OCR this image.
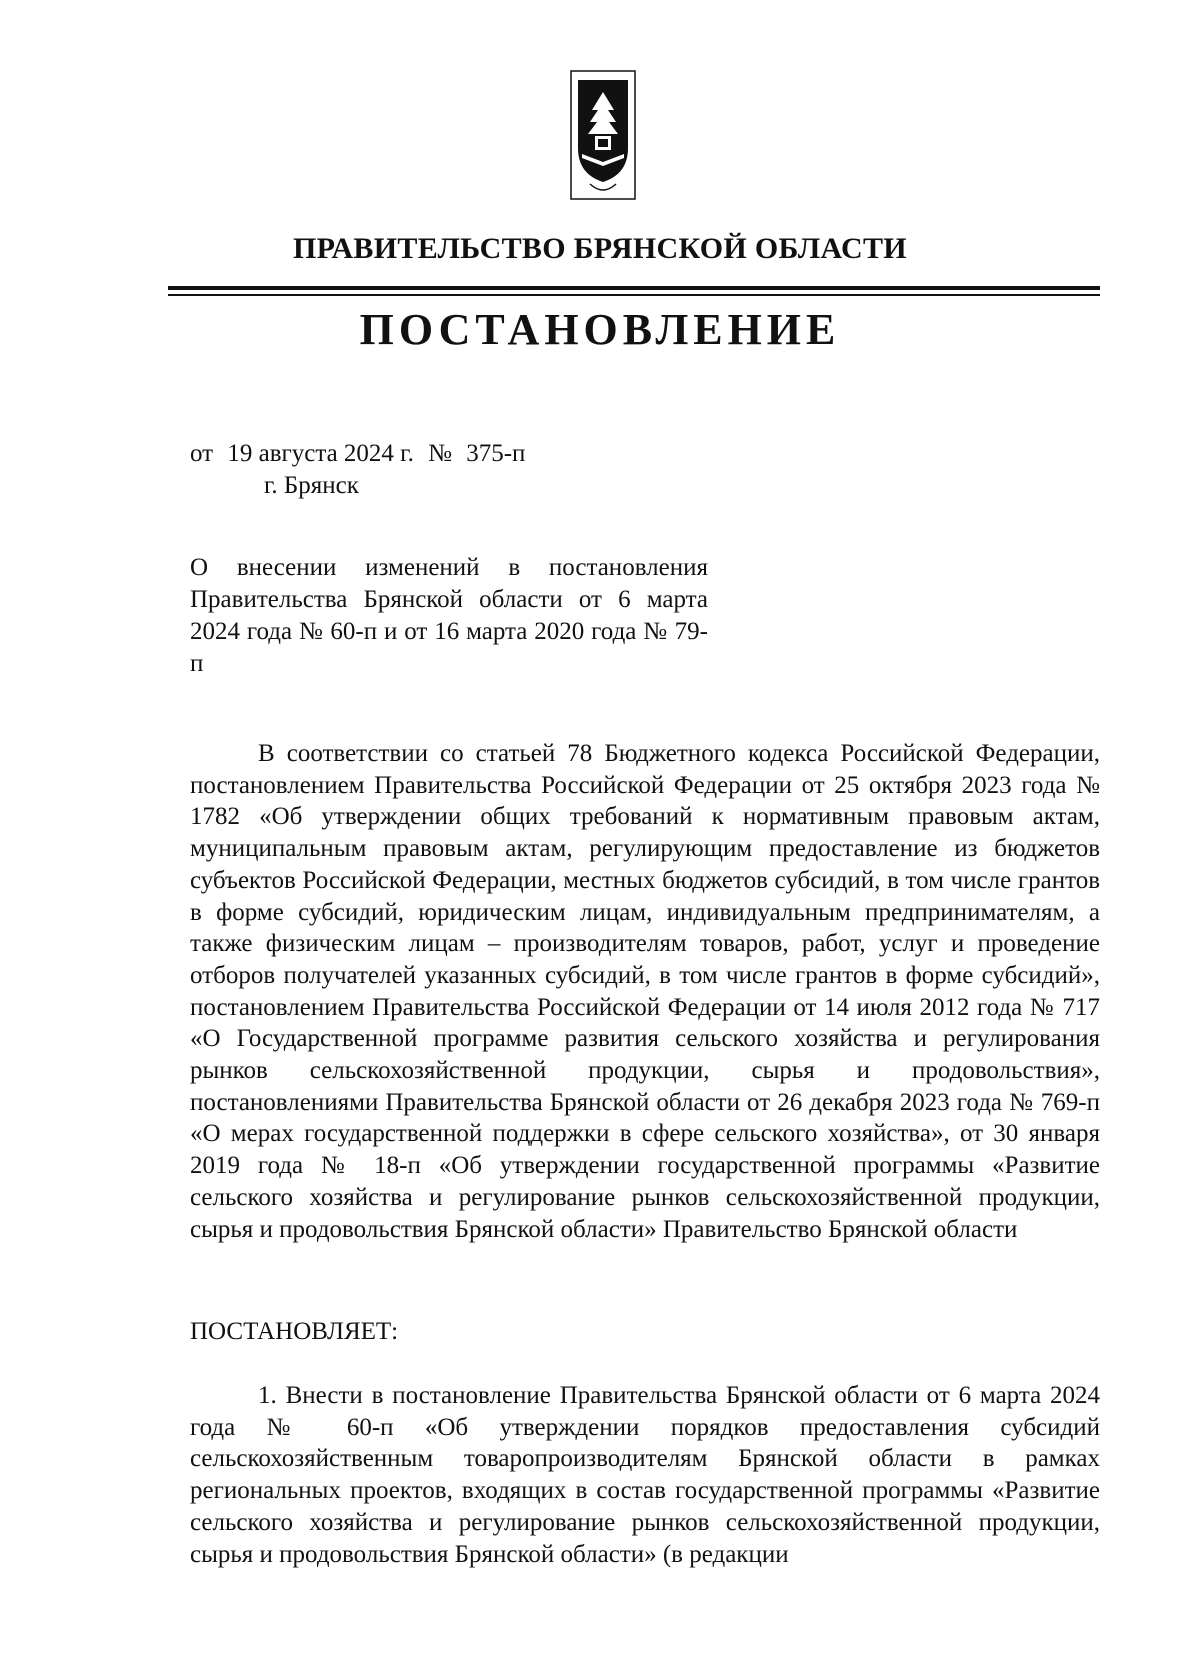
ПРАВИТЕЛЬСТВО БРЯНСКОЙ ОБЛАСТИ
ПОСТАНОВЛЕНИЕ
от 19 августа 2024 г. № 375-п
г. Брянск
О внесении изменений в постановления Правительства Брянской области от 6 марта 2024 года № 60-п и от 16 марта 2020 года № 79-п
В соответствии со статьей 78 Бюджетного кодекса Российской Федерации, постановлением Правительства Российской Федерации от 25 октября 2023 года № 1782 «Об утверждении общих требований к нормативным правовым актам, муниципальным правовым актам, регулирующим предоставление из бюджетов субъектов Российской Федерации, местных бюджетов субсидий, в том числе грантов в форме субсидий, юридическим лицам, индивидуальным предпринимателям, а также физическим лицам – производителям товаров, работ, услуг и проведение отборов получателей указанных субсидий, в том числе грантов в форме субсидий», постановлением Правительства Российской Федерации от 14 июля 2012 года № 717 «О Государственной программе развития сельского хозяйства и регулирования рынков сельскохозяйственной продукции, сырья и продовольствия», постановлениями Правительства Брянской области от 26 декабря 2023 года № 769-п «О мерах государственной поддержки в сфере сельского хозяйства», от 30 января 2019 года № 18-п «Об утверждении государственной программы «Развитие сельского хозяйства и регулирование рынков сельскохозяйственной продукции, сырья и продовольствия Брянской области» Правительство Брянской области
ПОСТАНОВЛЯЕТ:
1. Внести в постановление Правительства Брянской области от 6 марта 2024 года № 60-п «Об утверждении порядков предоставления субсидий сельскохозяйственным товаропроизводителям Брянской области в рамках региональных проектов, входящих в состав государственной программы «Развитие сельского хозяйства и регулирование рынков сельскохозяйственной продукции, сырья и продовольствия Брянской области» (в редакции
